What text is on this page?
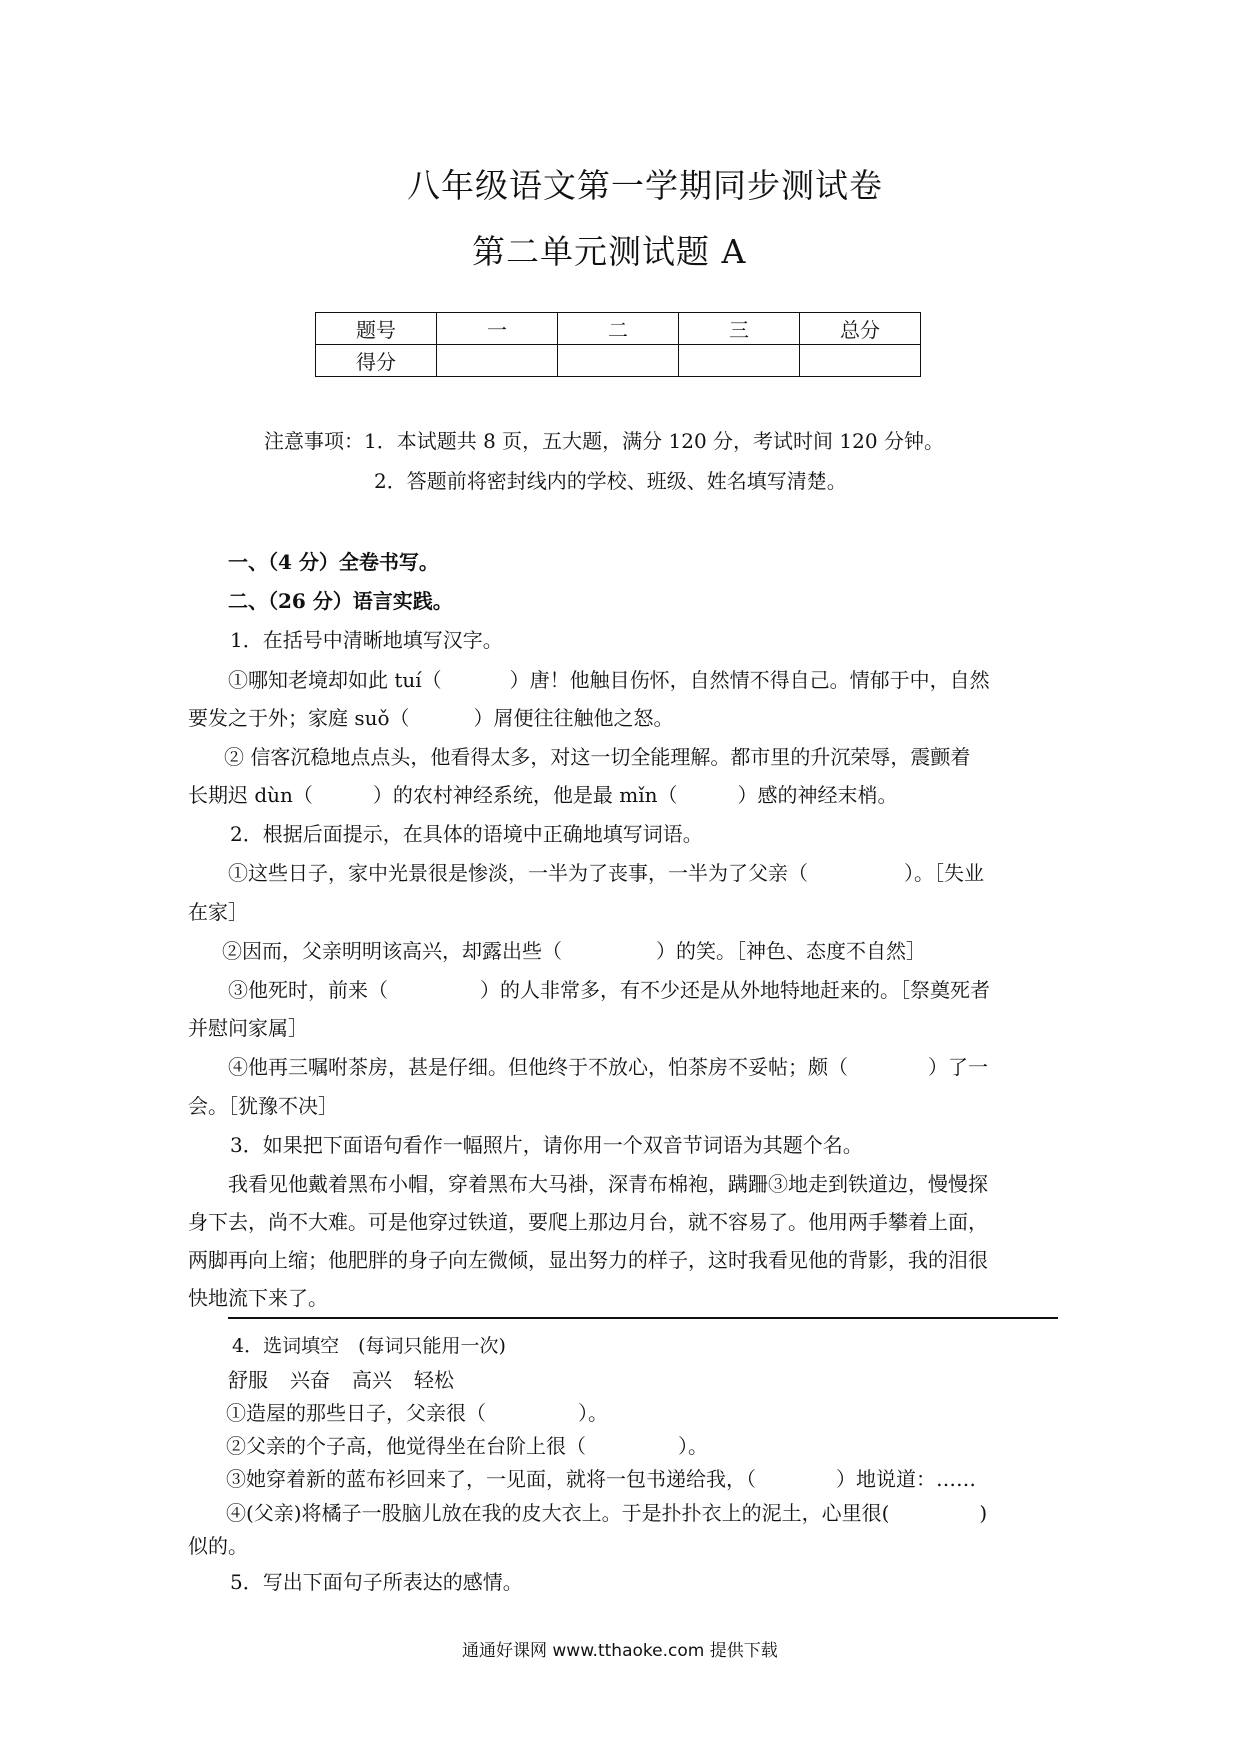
八年级语文第一学期同步测试卷
第二单元测试题 A
题号	一	二	三	总分
得分				
注意事项：1．本试题共 8 页，五大题，满分 120 分，考试时间 120 分钟。
2．答题前将密封线内的学校、班级、姓名填写清楚。
一、（4 分）全卷书写。
二、（26 分）语言实践。
1．在括号中清晰地填写汉字。
①哪知老境却如此 tuí（	）唐！他触目伤怀，自然情不得自己。情郁于中，自然
要发之于外；家庭 suǒ（	）屑便往往触他之怒。
② 信客沉稳地点点头，他看得太多，对这一切全能理解。都市里的升沉荣辱，震颤着
长期迟 dùn（	）的农村神经系统，他是最 mǐn（	）感的神经末梢。
2．根据后面提示，在具体的语境中正确地填写词语。
①这些日子，家中光景很是惨淡，一半为了丧事，一半为了父亲（	）。［失业
在家］
②因而，父亲明明该高兴，却露出些（	）的笑。［神色、态度不自然］
③他死时，前来（	）的人非常多，有不少还是从外地特地赶来的。［祭奠死者
并慰问家属］
④他再三嘱咐茶房，甚是仔细。但他终于不放心，怕茶房不妥帖；颇（	）了一
会。［犹豫不决］
3．如果把下面语句看作一幅照片，请你用一个双音节词语为其题个名。
我看见他戴着黑布小帽，穿着黑布大马褂，深青布棉袍，蹒跚③地走到铁道边，慢慢探
身下去，尚不大难。可是他穿过铁道，要爬上那边月台，就不容易了。他用两手攀着上面，
两脚再向上缩；他肥胖的身子向左微倾，显出努力的样子，这时我看见他的背影，我的泪很
快地流下来了。
4．选词填空　(每词只能用一次)
舒服 兴奋 高兴 轻松
①造屋的那些日子，父亲很（	）。
②父亲的个子高，他觉得坐在台阶上很（	）。
③她穿着新的蓝布衫回来了，一见面，就将一包书递给我，（	）地说道：……
④(父亲)将橘子一股脑儿放在我的皮大衣上。于是扑扑衣上的泥土，心里很(	)
似的。
5．写出下面句子所表达的感情。
通通好课网 www.tthaoke.com 提供下载
